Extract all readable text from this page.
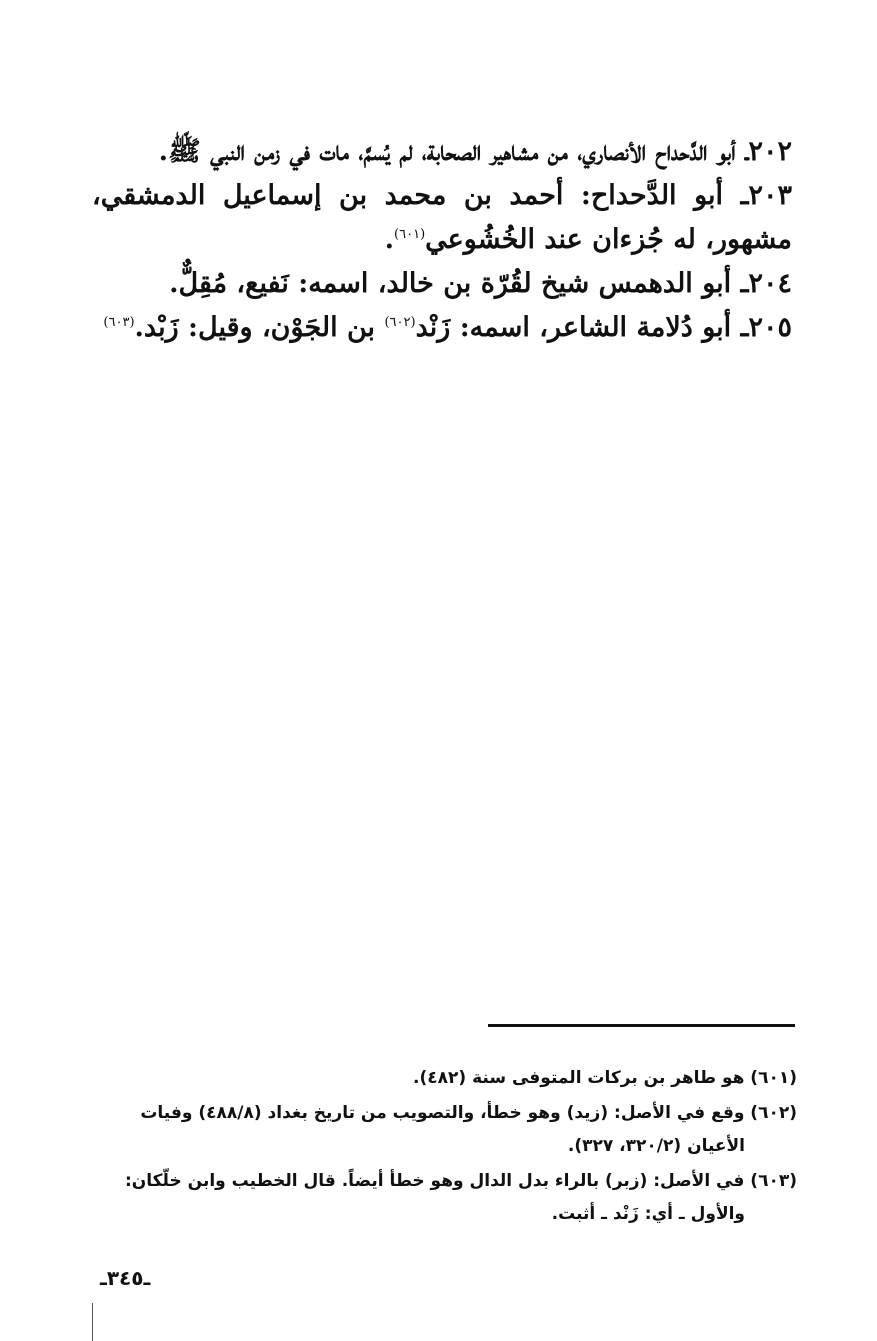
٢٠٢ـ أبو الدَّحداح الأنصاري، من مشاهير الصحابة، لم يُسمَّ، مات في زمن النبي ﷺ.

٢٠٣ـ أبو الدَّحداح: أحمد بن محمد بن إسماعيل الدمشقي، مشهور، له جُزءان عند الخُشُوعي$^{(٦٠١)}$.

٢٠٤ـ أبو الدهمس شيخ لقُرّة بن خالد، اسمه: نَفيع، مُقِلٌّ.

٢٠٥ـ أبو دُلامة الشاعر، اسمه: زَنْد$^{(٦٠٢)}$ بن الجَوْن، وقيل: زَبْد.$^{(٦٠٣)}$

(٦٠١) هو طاهر بن بركات المتوفى سنة (٤٨٢).

(٦٠٢) وقع في الأصل: (زيد) وهو خطأ، والتصويب من تاريخ بغداد (٤٨٨/٨) وفيات
الأعيان (٣٢٠/٢، ٣٢٧).

(٦٠٣) في الأصل: (زبر) بالراء بدل الدال وهو خطأ أيضاً. قال الخطيب وابن خلّكان:
والأول ـ أي: زَنْد ـ أثبت.

ـ٣٤٥ـ
